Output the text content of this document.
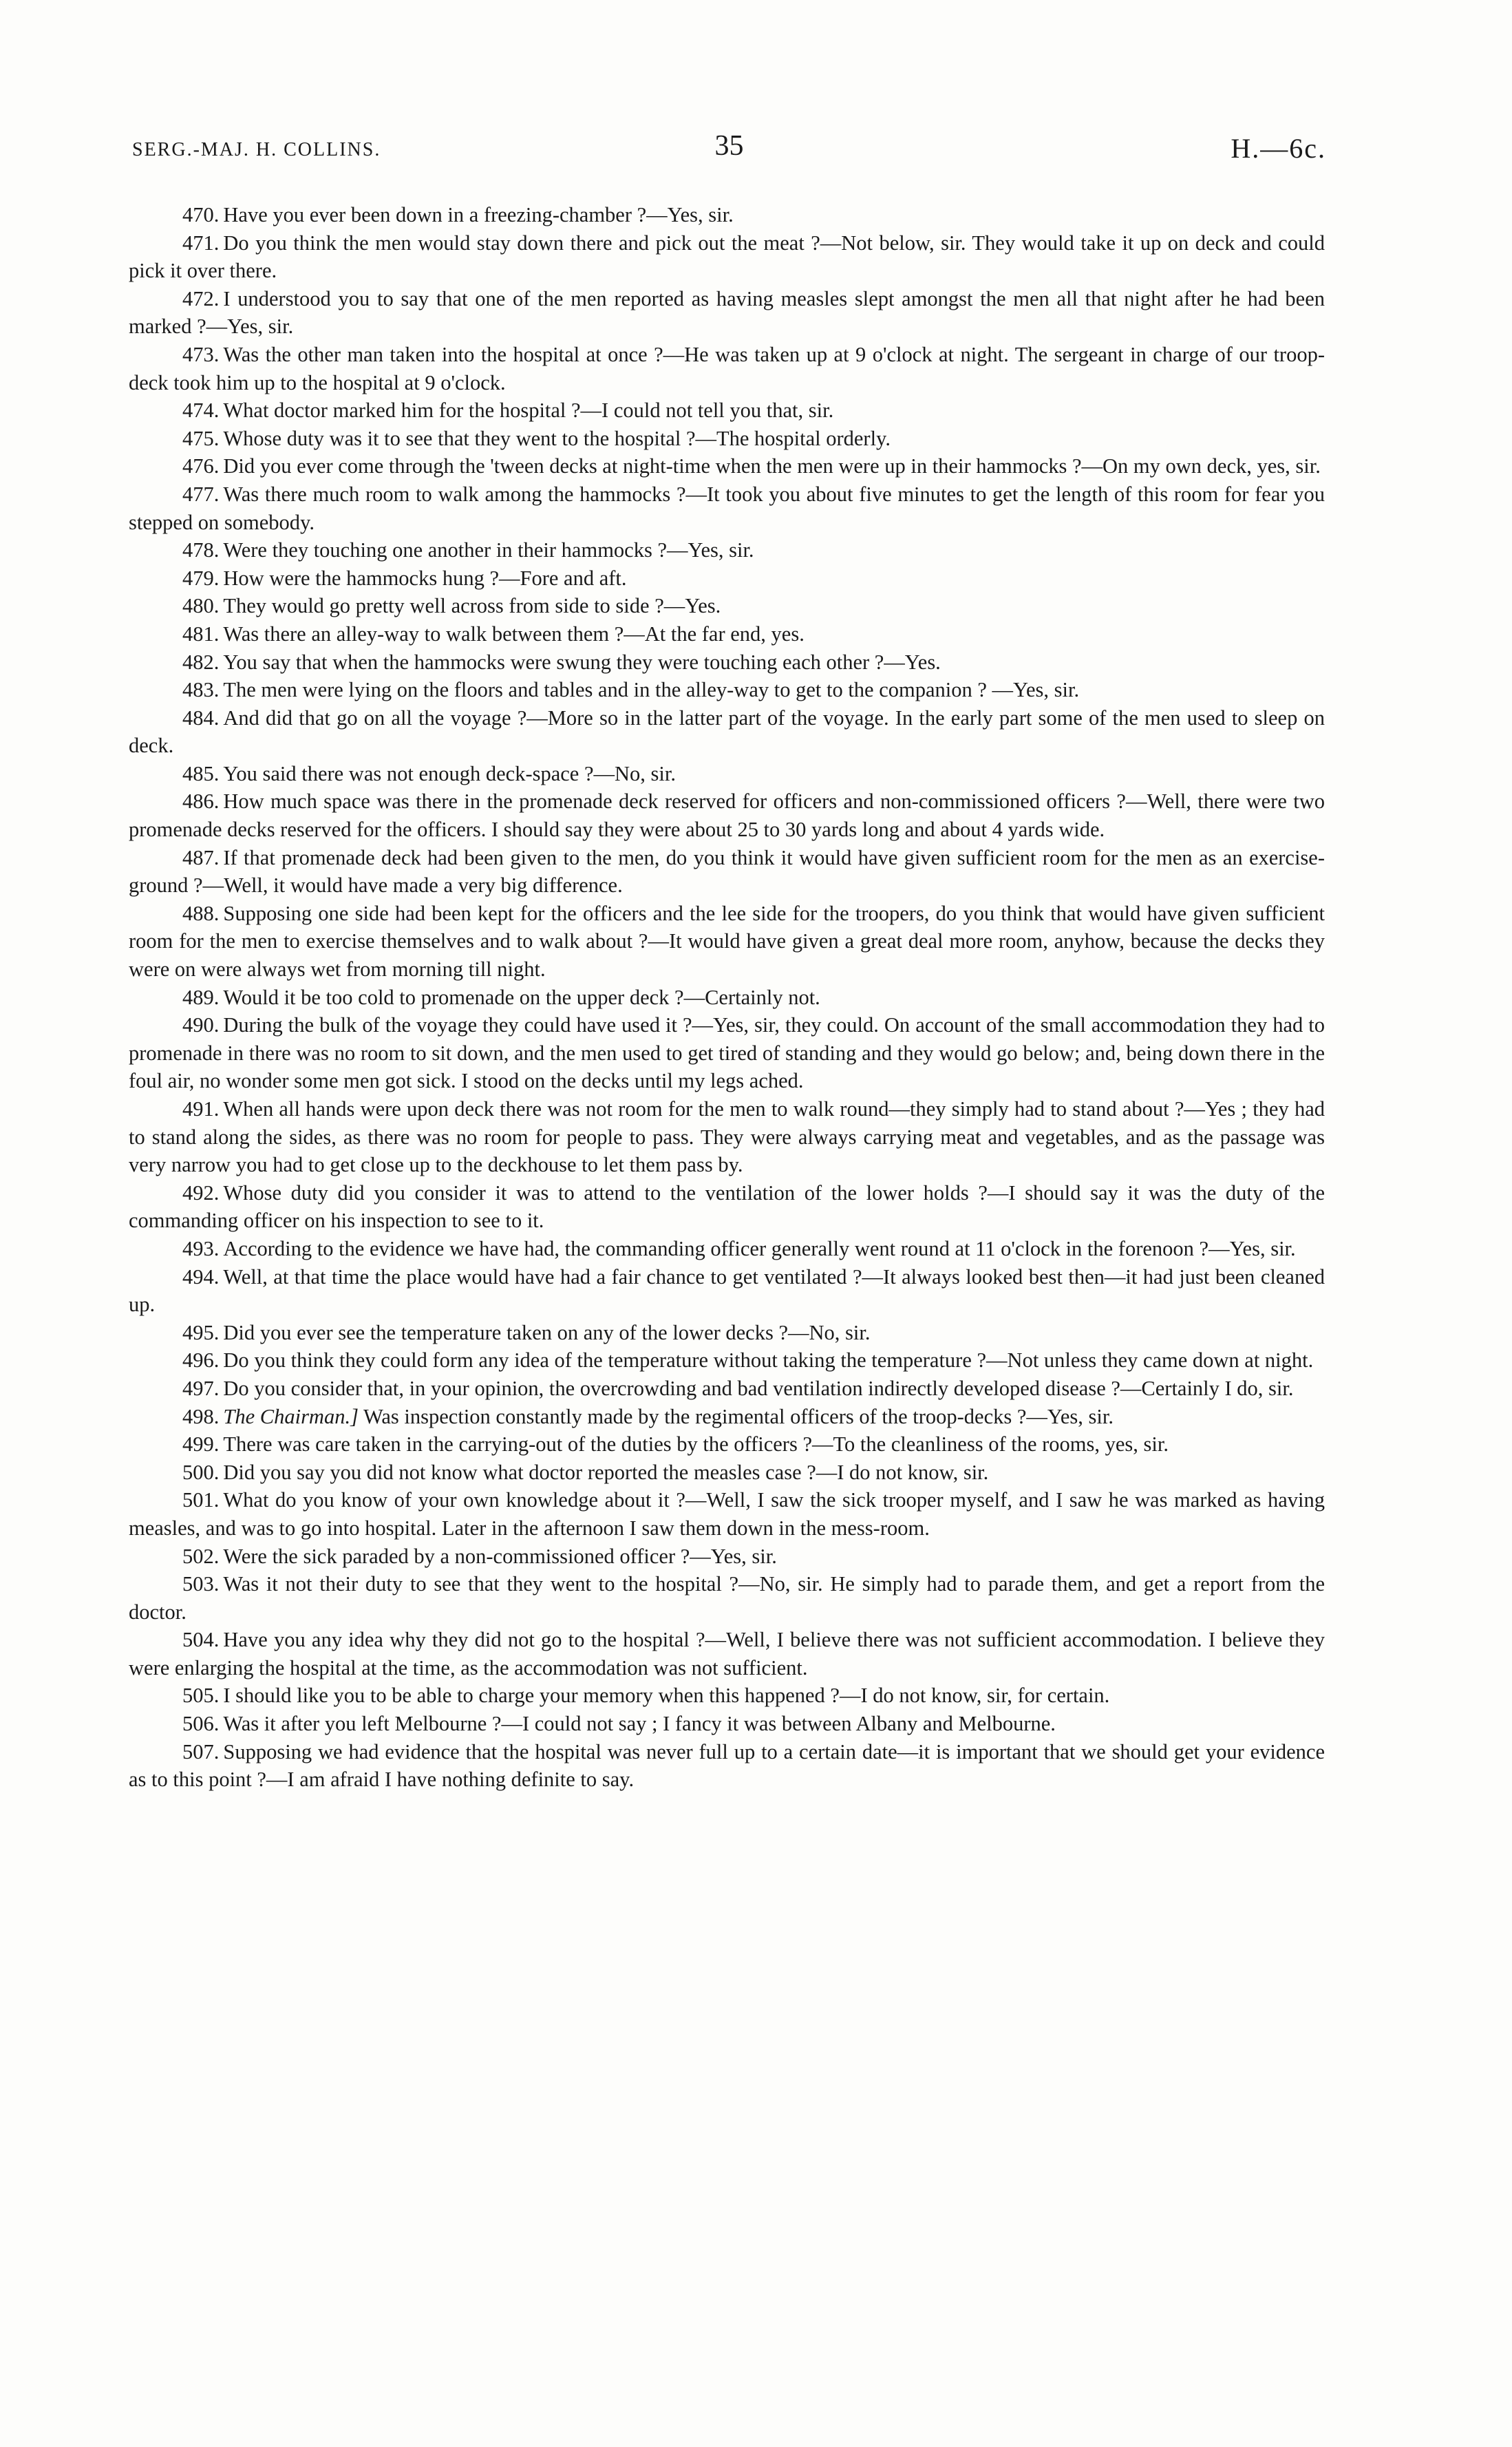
SERG.-MAJ. H. COLLINS.	35	H.—6c.

470. Have you ever been down in a freezing-chamber ?—Yes, sir.

471. Do you think the men would stay down there and pick out the meat ?—Not below, sir. They would take it up on deck and could pick it over there.

472. I understood you to say that one of the men reported as having measles slept amongst the men all that night after he had been marked ?—Yes, sir.

473. Was the other man taken into the hospital at once ?—He was taken up at 9 o'clock at night. The sergeant in charge of our troop-deck took him up to the hospital at 9 o'clock.

474. What doctor marked him for the hospital ?—I could not tell you that, sir.

475. Whose duty was it to see that they went to the hospital ?—The hospital orderly.

476. Did you ever come through the 'tween decks at night-time when the men were up in their hammocks ?—On my own deck, yes, sir.

477. Was there much room to walk among the hammocks ?—It took you about five minutes to get the length of this room for fear you stepped on somebody.

478. Were they touching one another in their hammocks ?—Yes, sir.

479. How were the hammocks hung ?—Fore and aft.

480. They would go pretty well across from side to side ?—Yes.

481. Was there an alley-way to walk between them ?—At the far end, yes.

482. You say that when the hammocks were swung they were touching each other ?—Yes.

483. The men were lying on the floors and tables and in the alley-way to get to the companion ? —Yes, sir.

484. And did that go on all the voyage ?—More so in the latter part of the voyage. In the early part some of the men used to sleep on deck.

485. You said there was not enough deck-space ?—No, sir.

486. How much space was there in the promenade deck reserved for officers and non-commissioned officers ?—Well, there were two promenade decks reserved for the officers. I should say they were about 25 to 30 yards long and about 4 yards wide.

487. If that promenade deck had been given to the men, do you think it would have given sufficient room for the men as an exercise-ground ?—Well, it would have made a very big difference.

488. Supposing one side had been kept for the officers and the lee side for the troopers, do you think that would have given sufficient room for the men to exercise themselves and to walk about ?—It would have given a great deal more room, anyhow, because the decks they were on were always wet from morning till night.

489. Would it be too cold to promenade on the upper deck ?—Certainly not.

490. During the bulk of the voyage they could have used it ?—Yes, sir, they could. On account of the small accommodation they had to promenade in there was no room to sit down, and the men used to get tired of standing and they would go below; and, being down there in the foul air, no wonder some men got sick. I stood on the decks until my legs ached.

491. When all hands were upon deck there was not room for the men to walk round—they simply had to stand about ?—Yes ; they had to stand along the sides, as there was no room for people to pass. They were always carrying meat and vegetables, and as the passage was very narrow you had to get close up to the deckhouse to let them pass by.

492. Whose duty did you consider it was to attend to the ventilation of the lower holds ?—I should say it was the duty of the commanding officer on his inspection to see to it.

493. According to the evidence we have had, the commanding officer generally went round at 11 o'clock in the forenoon ?—Yes, sir.

494. Well, at that time the place would have had a fair chance to get ventilated ?—It always looked best then—it had just been cleaned up.

495. Did you ever see the temperature taken on any of the lower decks ?—No, sir.

496. Do you think they could form any idea of the temperature without taking the temperature ?—Not unless they came down at night.

497. Do you consider that, in your opinion, the overcrowding and bad ventilation indirectly developed disease ?—Certainly I do, sir.

498. The Chairman.] Was inspection constantly made by the regimental officers of the troop-decks ?—Yes, sir.

499. There was care taken in the carrying-out of the duties by the officers ?—To the cleanliness of the rooms, yes, sir.

500. Did you say you did not know what doctor reported the measles case ?—I do not know, sir.

501. What do you know of your own knowledge about it ?—Well, I saw the sick trooper myself, and I saw he was marked as having measles, and was to go into hospital. Later in the afternoon I saw them down in the mess-room.

502. Were the sick paraded by a non-commissioned officer ?—Yes, sir.

503. Was it not their duty to see that they went to the hospital ?—No, sir. He simply had to parade them, and get a report from the doctor.

504. Have you any idea why they did not go to the hospital ?—Well, I believe there was not sufficient accommodation. I believe they were enlarging the hospital at the time, as the accommodation was not sufficient.

505. I should like you to be able to charge your memory when this happened ?—I do not know, sir, for certain.

506. Was it after you left Melbourne ?—I could not say ; I fancy it was between Albany and Melbourne.

507. Supposing we had evidence that the hospital was never full up to a certain date—it is important that we should get your evidence as to this point ?—I am afraid I have nothing definite to say.
